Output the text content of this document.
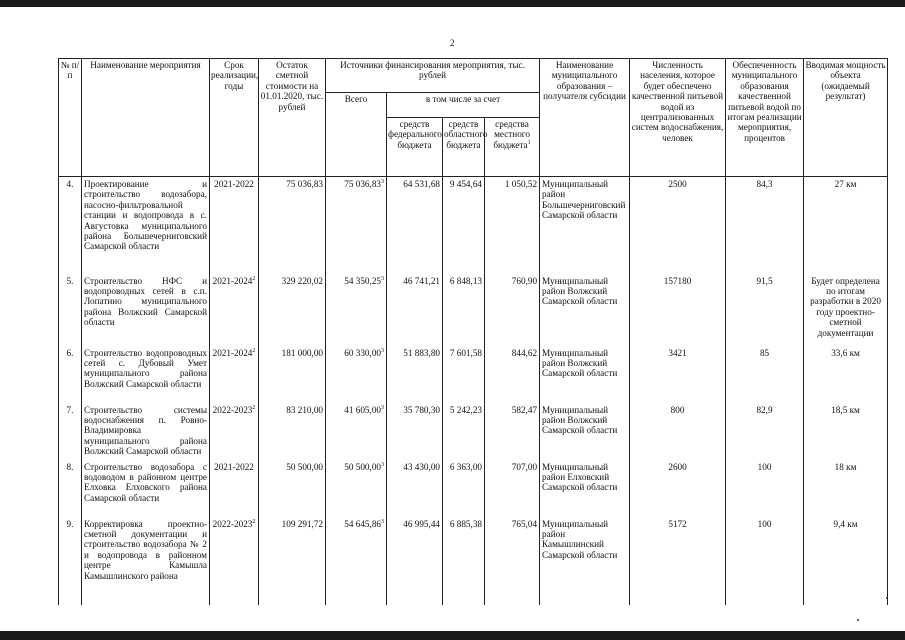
2
№ п/п	Наименование мероприятия	Срок реализации, годы	Остаток сметной стоимости на 01.01.2020, тыс. рублей	Источники финансирования мероприятия, тыс. рублей				Наименование муниципального образования – получателя субсидии	Численность населения, которое будет обеспечено качественной питьевой водой из централизованных систем водоснабжения, человек	Обеспеченность муниципального образования качественной питьевой водой по итогам реализации мероприятия, процентов	Вводимая мощность объекта (ожидаемый результат)
				Всего	в том числе за счет						
					средств федерального бюджета	средств областного бюджета	средства местного бюджета$^1$
4.	Проектирование и строительство водозабора, насосно-фильтровальной станции и водопровода в с. Августовка муниципального района Большечерниговский Самарской области	2021-2022	75 036,83	75 036,83$^3$	64 531,68	9 454,64	1 050,52	Муниципальный район Большечерниговский Самарской области	2500	84,3	27 км
5.	Строительство НФС и водопроводных сетей в с.п. Лопатино муниципального района Волжский Самарской области	2021-2024$^2$	329 220,02	54 350,25$^3$	46 741,21	6 848,13	760,90	Муниципальный район Волжский Самарской области	157180	91,5	Будет определена по итогам разработки в 2020 году проектно-сметной документации
6.	Строительство водопроводных сетей с. Дубовый Умет муниципального района Волжский Самарской области	2021-2024$^2$	181 000,00	60 330,00$^3$	51 883,80	7 601,58	844,62	Муниципальный район Волжский Самарской области	3421	85	33,6 км
7.	Строительство системы водоснабжения п. Ровно-Владимировка муниципального района Волжский Самарской области	2022-2023$^2$	83 210,00	41 605,00$^3$	35 780,30	5 242,23	582,47	Муниципальный район Волжский Самарской области	800	82,9	18,5 км
8.	Строительство водозабора с водоводом в районном центре Елховка Елховского района Самарской области	2021-2022	50 500,00	50 500,00$^3$	43 430,00	6 363,00	707,00	Муниципальный район Елховский Самарской области	2600	100	18 км
9.	Корректировка проектно-сметной документации и строительство водозабора № 2 и водопровода в районном центре Камышла Камышлинского района	2022-2023$^2$	109 291,72	54 645,86$^3$	46 995,44	6 885,38	765,04	Муниципальный район Камышлинский Самарской области	5172	100	9,4 км
